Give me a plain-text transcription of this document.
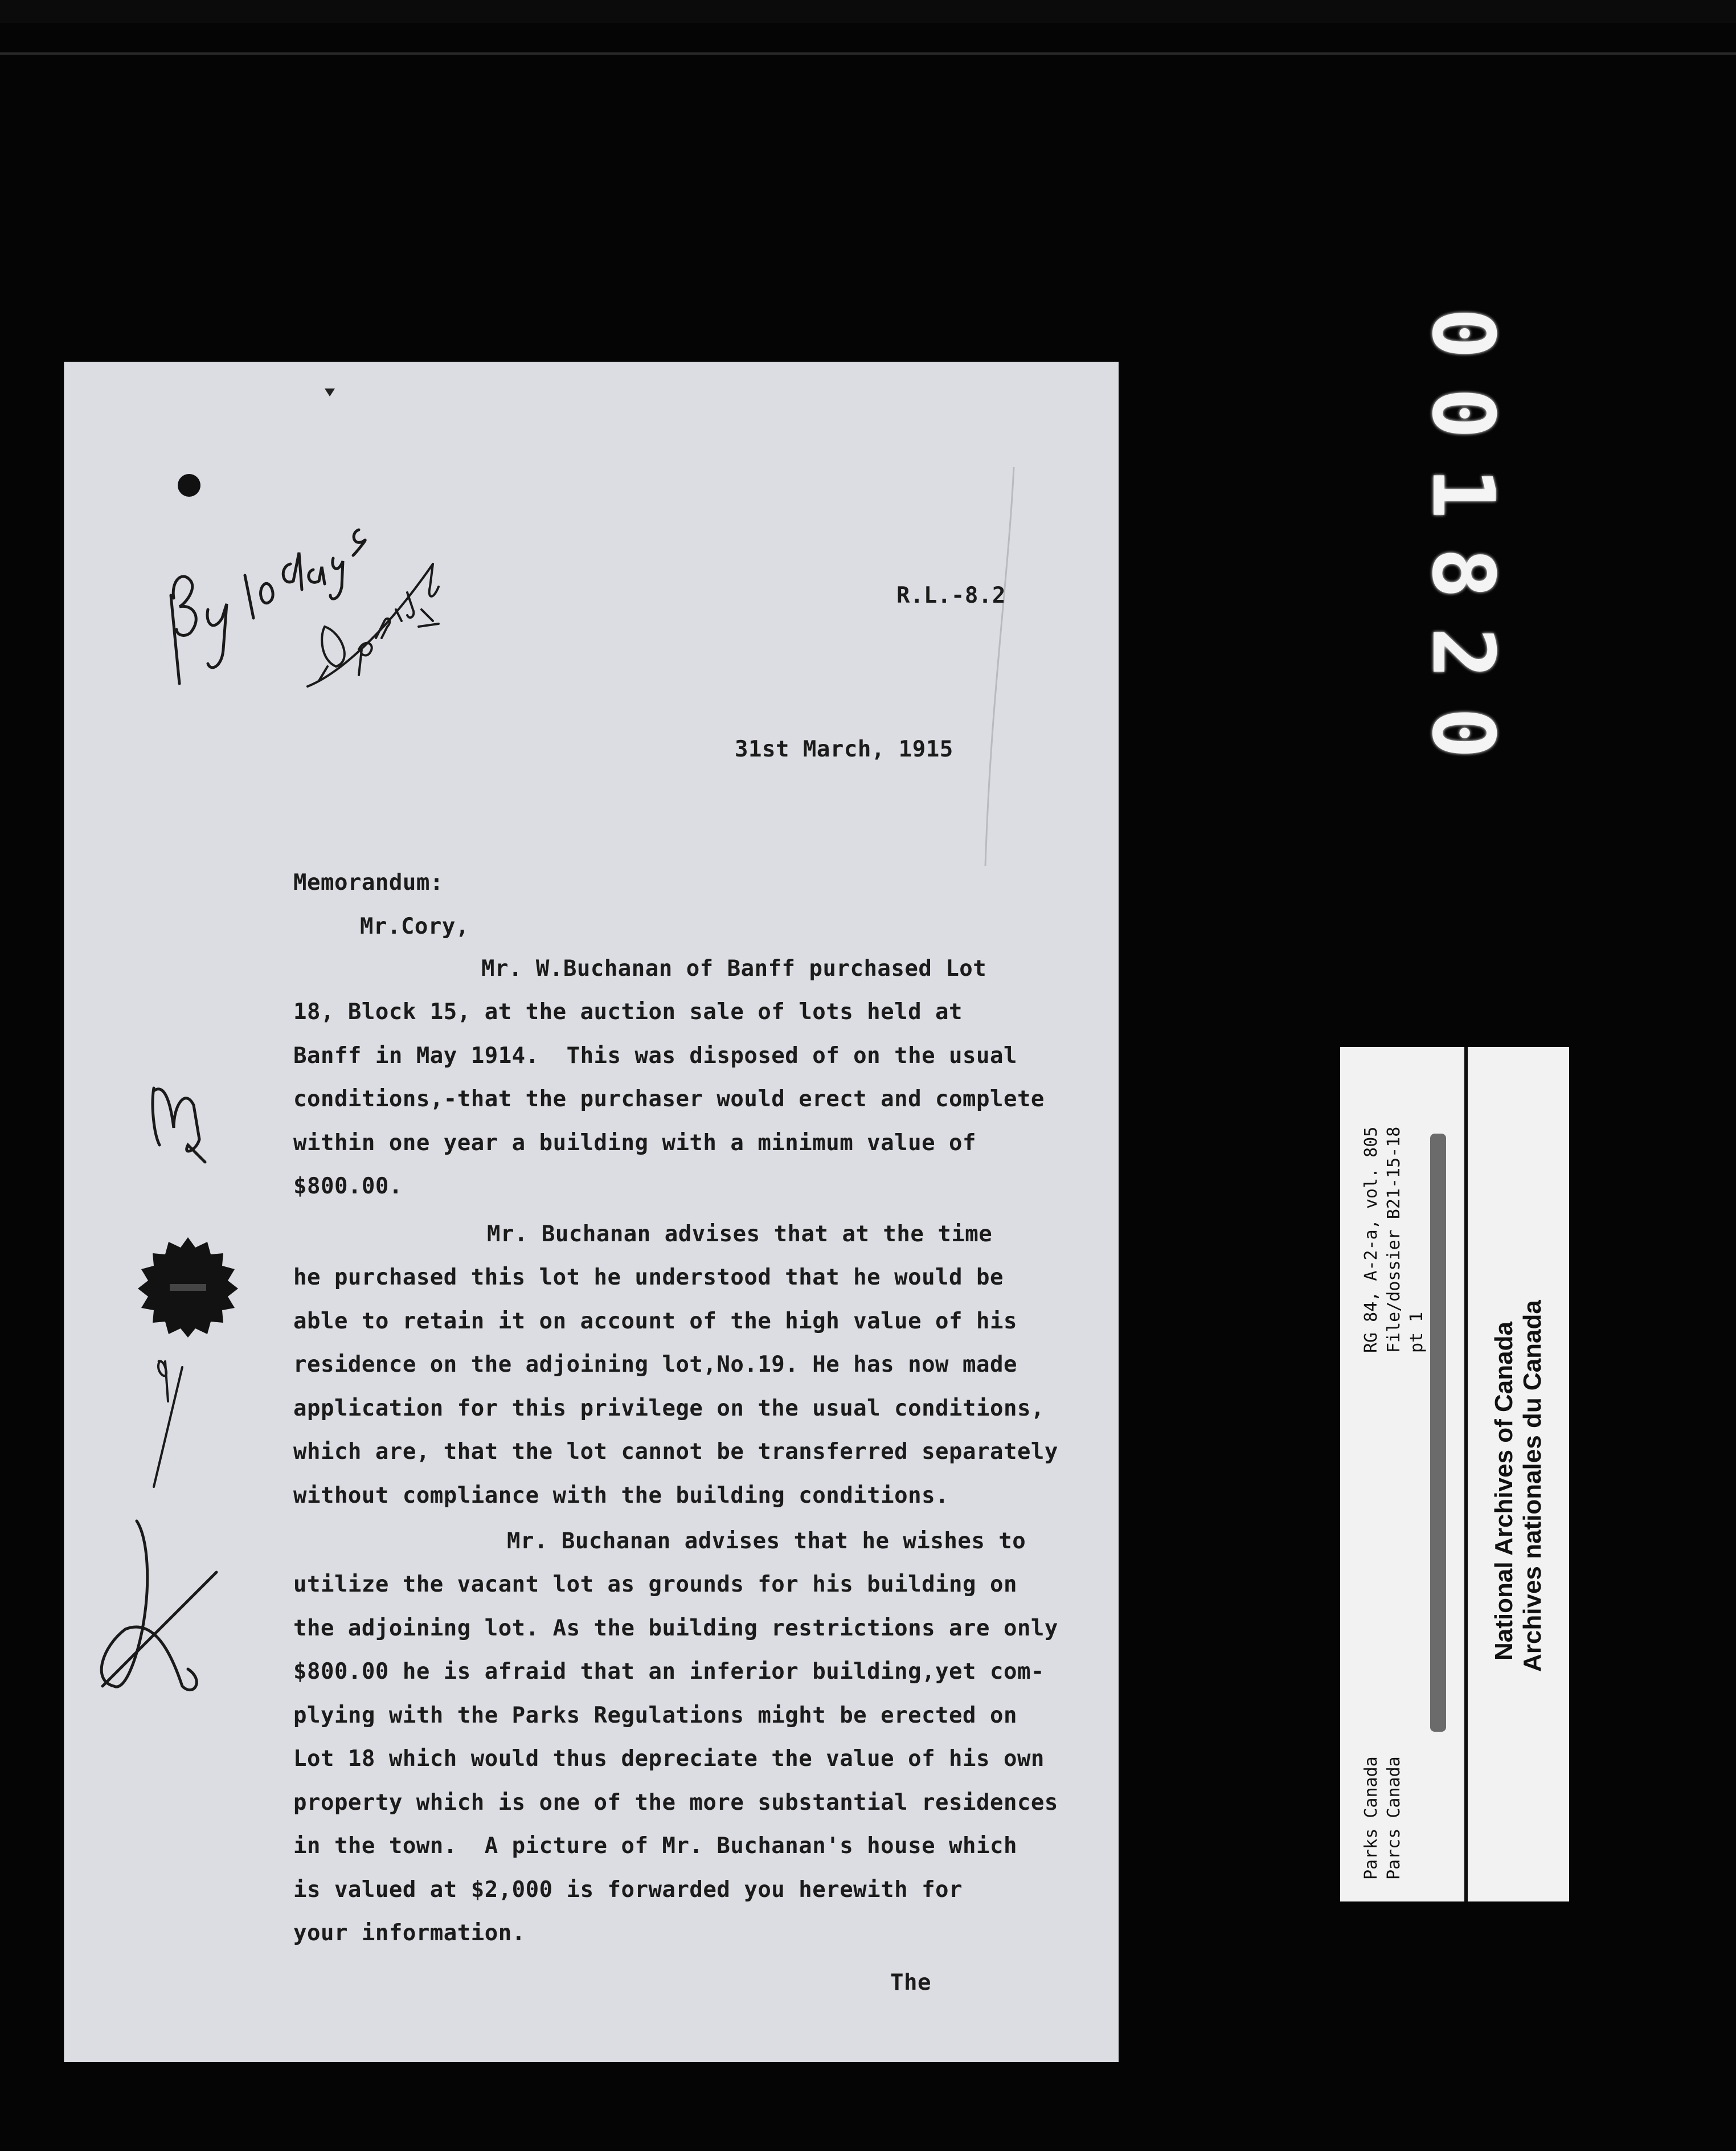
R.L.-8.2
31st March, 1915
Memorandum:
Mr.Cory,
Mr. W.Buchanan of Banff purchased Lot
18, Block 15, at the auction sale of lots held at
Banff in May 1914.  This was disposed of on the usual
conditions,-that the purchaser would erect and complete
within one year a building with a minimum value of
$800.00.
Mr. Buchanan advises that at the time
he purchased this lot he understood that he would be
able to retain it on account of the high value of his
residence on the adjoining lot,No.19. He has now made
application for this privilege on the usual conditions,
which are, that the lot cannot be transferred separately
without compliance with the building conditions.
Mr. Buchanan advises that he wishes to
utilize the vacant lot as grounds for his building on
the adjoining lot. As the building restrictions are only
$800.00 he is afraid that an inferior building,yet com-
plying with the Parks Regulations might be erected on
Lot 18 which would thus depreciate the value of his own
property which is one of the more substantial residences
in the town.  A picture of Mr. Buchanan's house which
is valued at $2,000 is forwarded you herewith for
your information.
The
001820
RG 84, A-2-a, vol. 805 File/dossier B21-15-18 pt 1
Parks Canada Parcs Canada
National Archives of Canada Archives nationales du Canada
